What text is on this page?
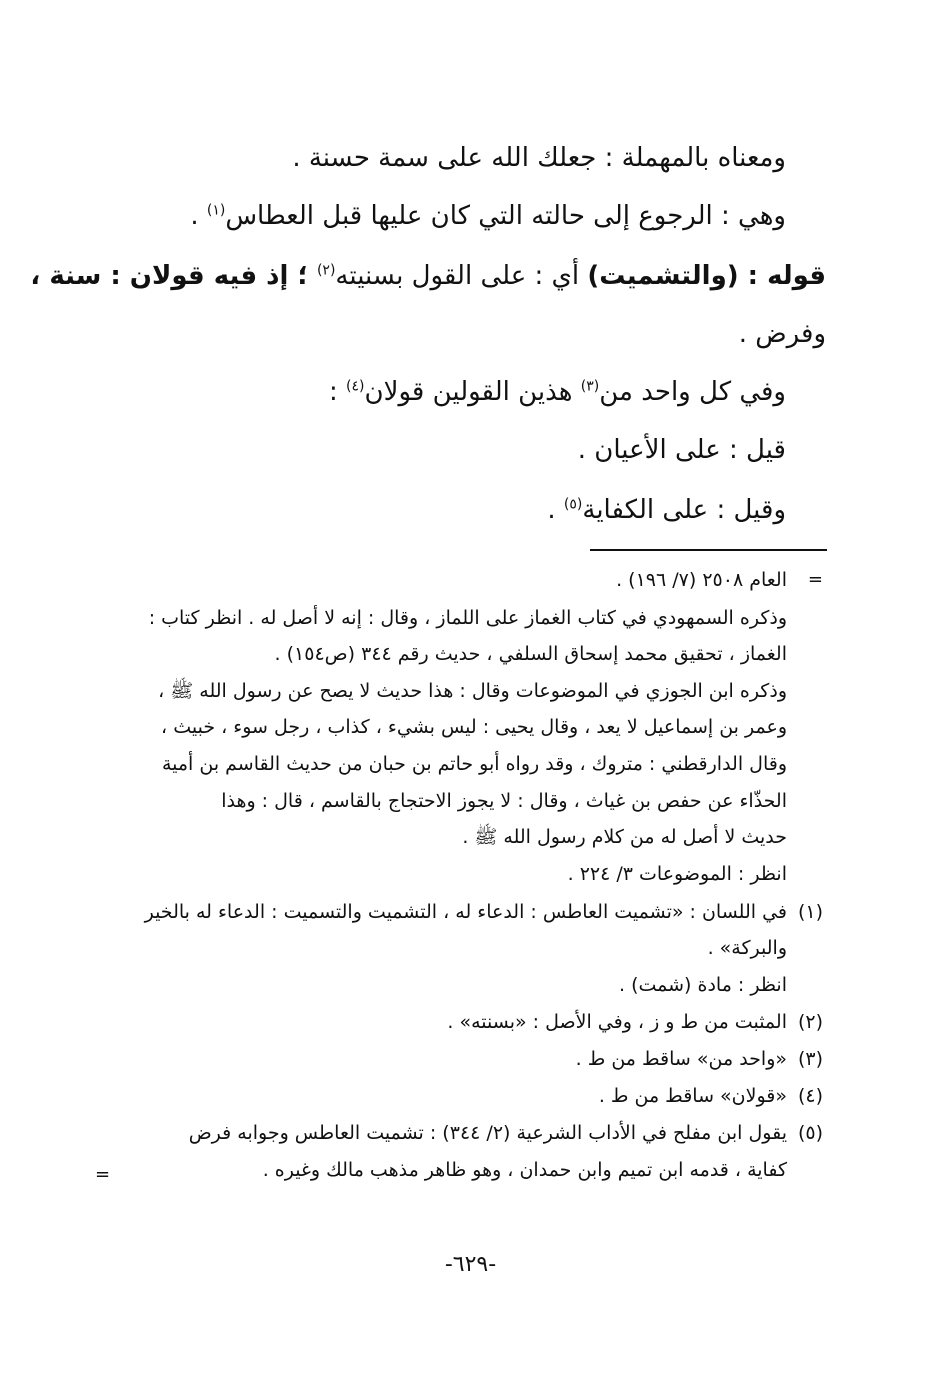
ومعناه بالمهملة : جعلك الله على سمة حسنة .
وهي : الرجوع إلى حالته التي كان عليها قبل العطاس$^{(١)}$ .
قوله : (والتشميت) أي : على القول بسنيته$^{(٢)}$ ؛ إذ فيه قولان : سنة ،
وفرض .
وفي كل واحد من$^{(٣)}$ هذين القولين قولان$^{(٤)}$ :
قيل : على الأعيان .
وقيل : على الكفاية$^{(٥)}$ .
=
العام ٢٥٠٨ (٧/ ١٩٦) .
وذكره السمهودي في كتاب الغماز على اللماز ، وقال : إنه لا أصل له . انظر كتاب :
الغماز ، تحقيق محمد إسحاق السلفي ، حديث رقم ٣٤٤ (ص١٥٤) .
وذكره ابن الجوزي في الموضوعات وقال : هذا حديث لا يصح عن رسول الله ﷺ ،
وعمر بن إسماعيل لا يعد ، وقال يحيى : ليس بشيء ، كذاب ، رجل سوء ، خبيث ،
وقال الدارقطني : متروك ، وقد رواه أبو حاتم بن حبان من حديث القاسم بن أمية
الحذّاء عن حفص بن غياث ، وقال : لا يجوز الاحتجاج بالقاسم ، قال : وهذا
حديث لا أصل له من كلام رسول الله ﷺ .
انظر : الموضوعات ٣/ ٢٢٤ .
(١)
في اللسان : «تشميت العاطس : الدعاء له ، التشميت والتسميت : الدعاء له بالخير
والبركة» .
انظر : مادة (شمت) .
(٢)
المثبت من ط و ز ، وفي الأصل : «بسنته» .
(٣)
«واحد من» ساقط من ط .
(٤)
«قولان» ساقط من ط .
(٥)
يقول ابن مفلح في الأداب الشرعية (٢/ ٣٤٤) : تشميت العاطس وجوابه فرض
كفاية ، قدمه ابن تميم وابن حمدان ، وهو ظاهر مذهب مالك وغيره .
=
-٦٢٩-
